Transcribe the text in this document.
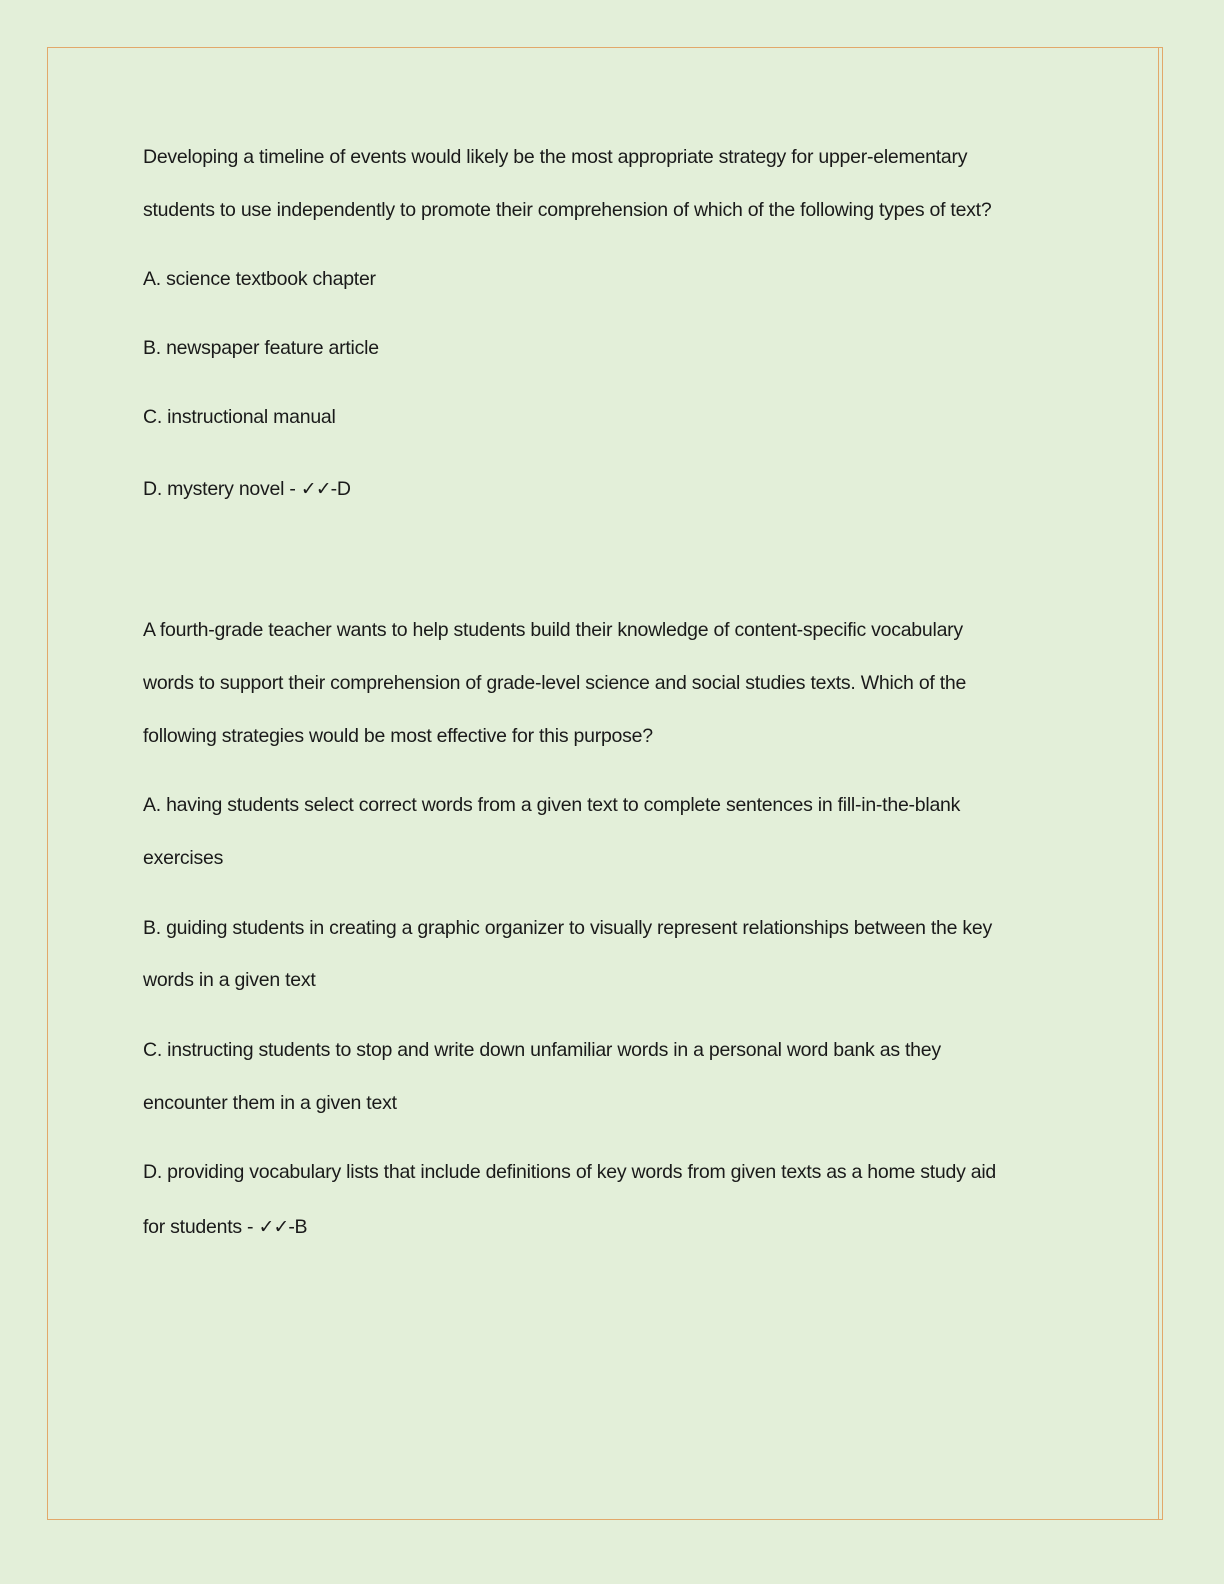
Developing a timeline of events would likely be the most appropriate strategy for upper-elementary
students to use independently to promote their comprehension of which of the following types of text?
A. science textbook chapter
B. newspaper feature article
C. instructional manual
D. mystery novel - ✓✓-D
A fourth-grade teacher wants to help students build their knowledge of content-specific vocabulary
words to support their comprehension of grade-level science and social studies texts. Which of the
following strategies would be most effective for this purpose?
A. having students select correct words from a given text to complete sentences in fill-in-the-blank
exercises
B. guiding students in creating a graphic organizer to visually represent relationships between the key
words in a given text
C. instructing students to stop and write down unfamiliar words in a personal word bank as they
encounter them in a given text
D. providing vocabulary lists that include definitions of key words from given texts as a home study aid
for students - ✓✓-B
